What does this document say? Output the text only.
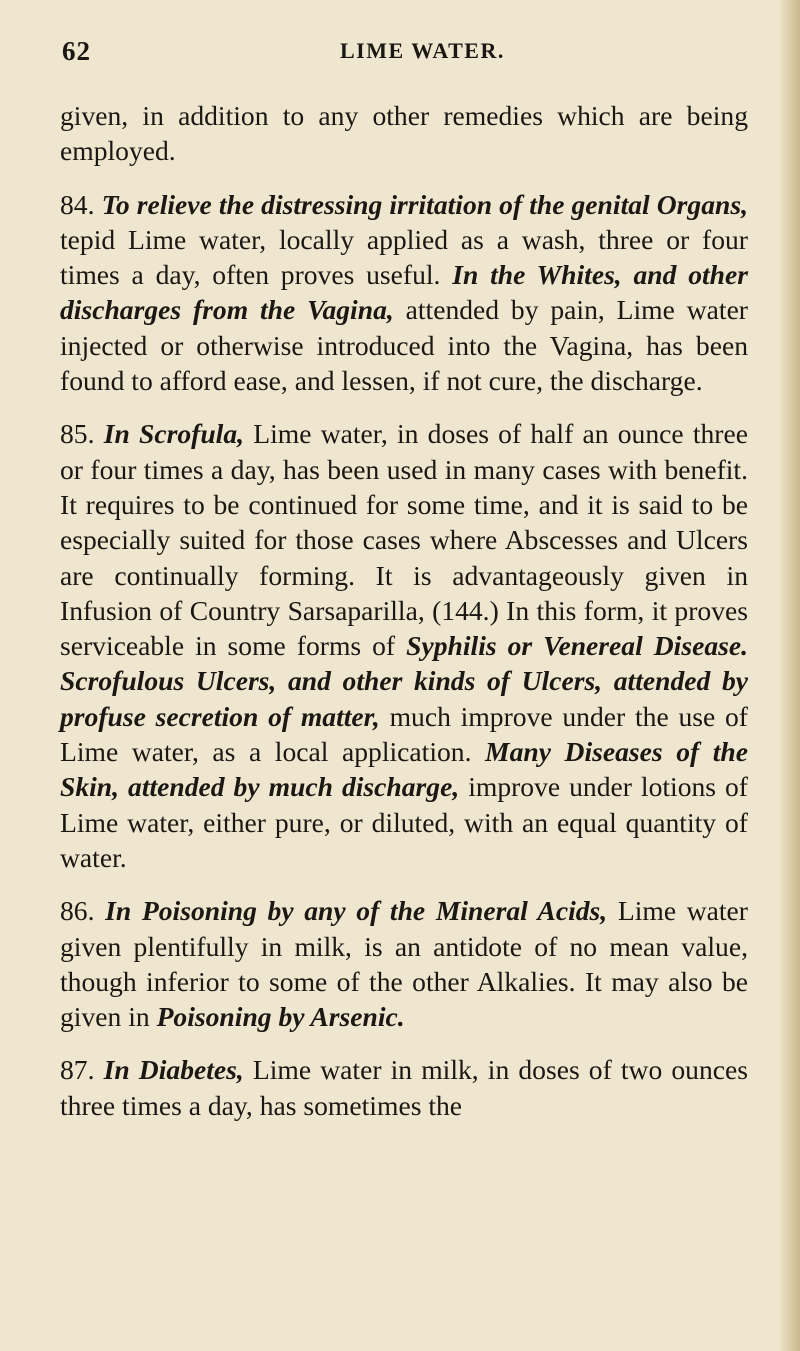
62	LIME WATER.

given, in addition to any other remedies which are being employed.

84. To relieve the distressing irritation of the genital Organs, tepid Lime water, locally applied as a wash, three or four times a day, often proves useful. In the Whites, and other discharges from the Vagina, attended by pain, Lime water injected or otherwise introduced into the Vagina, has been found to afford ease, and lessen, if not cure, the discharge.

85. In Scrofula, Lime water, in doses of half an ounce three or four times a day, has been used in many cases with benefit. It requires to be continued for some time, and it is said to be especially suited for those cases where Abscesses and Ulcers are continually forming. It is advantageously given in Infusion of Country Sarsaparilla, (144.) In this form, it proves serviceable in some forms of Syphilis or Venereal Disease. Scrofulous Ulcers, and other kinds of Ulcers, attended by profuse secretion of matter, much improve under the use of Lime water, as a local application. Many Diseases of the Skin, attended by much discharge, improve under lotions of Lime water, either pure, or diluted, with an equal quantity of water.

86. In Poisoning by any of the Mineral Acids, Lime water given plentifully in milk, is an antidote of no mean value, though inferior to some of the other Alkalies. It may also be given in Poisoning by Arsenic.

87. In Diabetes, Lime water in milk, in doses of two ounces three times a day, has sometimes the
